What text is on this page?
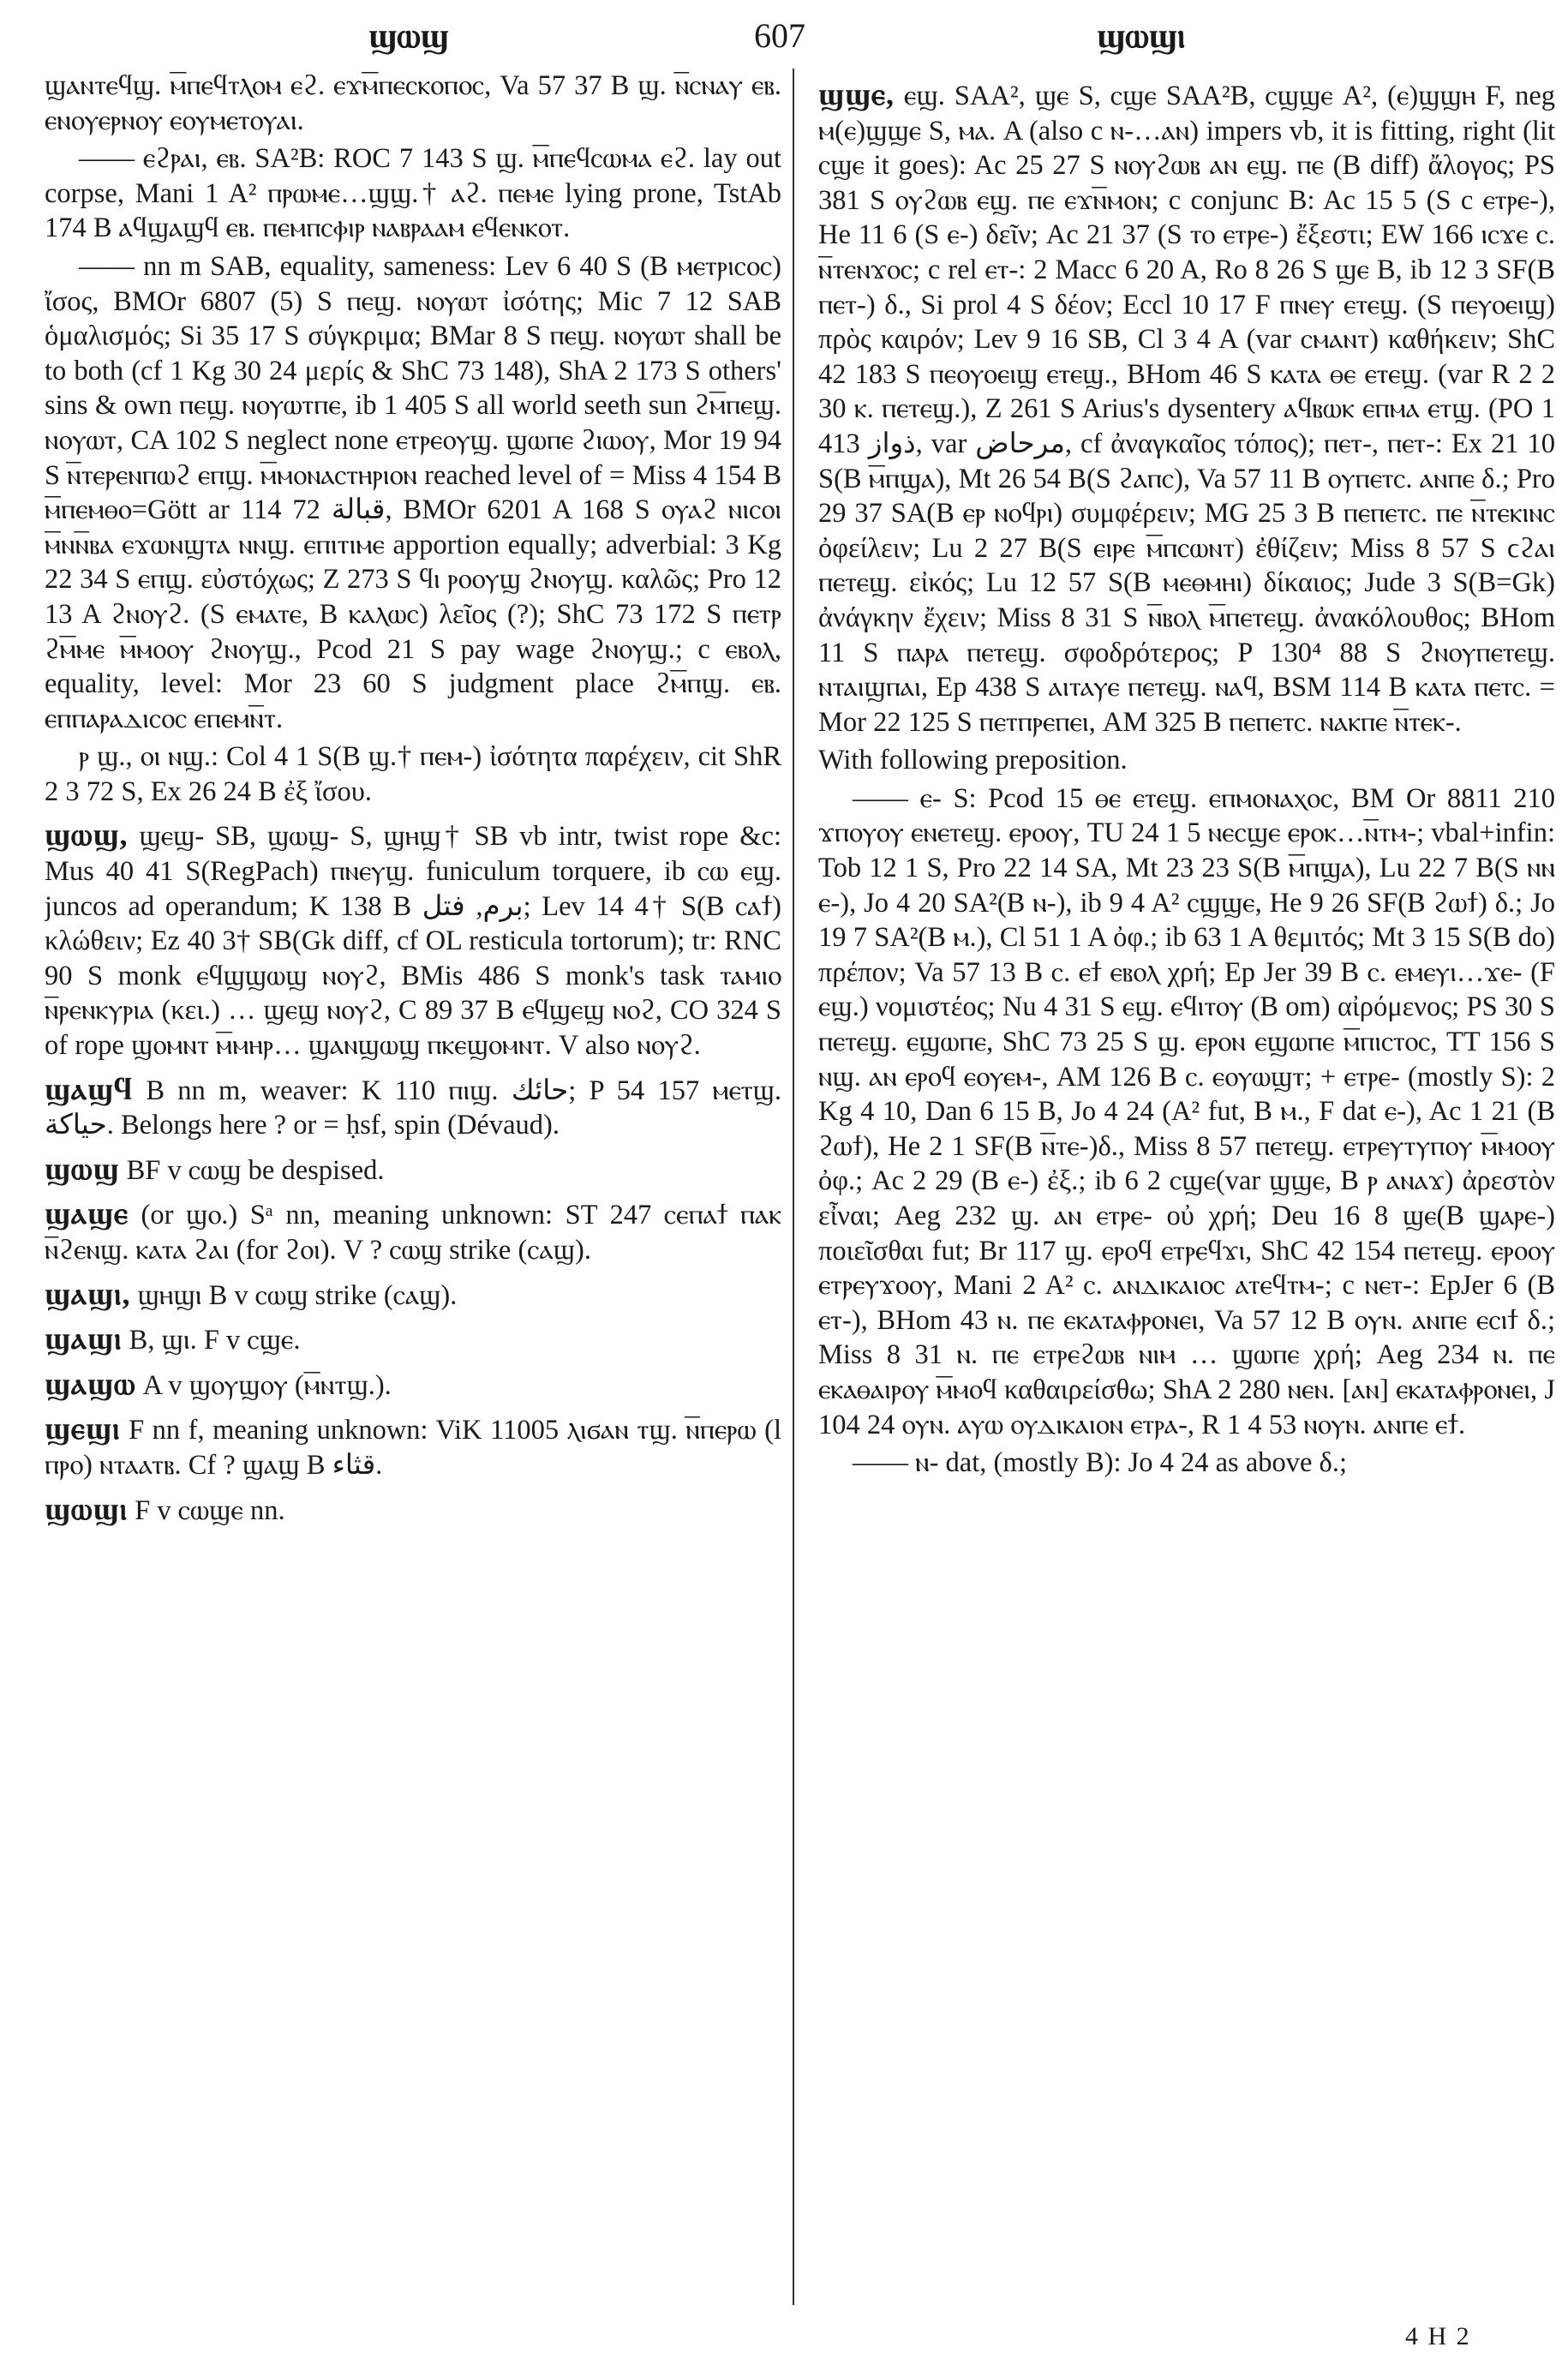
ϣⲱϣ	607	ϣⲱϣⲓ
ϣⲁⲛⲧⲉϥϣ. ⲙ̅ⲡⲉϥⲧⲗⲟⲙ ⲉϩ. ⲉϫⲙ̅ⲡⲉⲥⲕⲟⲡⲟⲥ, Va 57 37 B ϣ. ⲛ̅ⲥⲛⲁⲩ ⲉⲃ. ⲉⲛⲟⲩⲉⲣⲛⲟⲩ ⲉⲟⲩⲙⲉⲧⲟⲩⲁⲓ.
—— ⲉϩⲣⲁⲓ, ⲉⲃ. SA²B: ROC 7 143 S ϣ. ⲙ̅ⲡⲉϥⲥⲱⲙⲁ ⲉϩ. lay out corpse, Mani 1 A² ⲡⲣⲱⲙⲉ…ϣϣ.† ⲁϩ. ⲡⲉⲙⲉ lying prone, TstAb 174 B ⲁϥϣⲁϣϥ ⲉⲃ. ⲡⲉⲙⲡⲥⲫⲓⲣ ⲛⲁⲃⲣⲁⲁⲙ ⲉϥⲉⲛⲕⲟⲧ.
—— nn m SAB, equality, sameness: Lev 6 40 S (B ⲙⲉⲧⲣⲓⲥⲟⲥ) ἴσος, BMOr 6807 (5) S ⲡⲉϣ. ⲛⲟⲩⲱⲧ ἰσότης; Mic 7 12 SAB ὁμαλισμός; Si 35 17 S σύγκριμα; BMar 8 S ⲡⲉϣ. ⲛⲟⲩⲱⲧ shall be to both (cf 1 Kg 30 24 μερίς & ShC 73 148), ShA 2 173 S others' sins & own ⲡⲉϣ. ⲛⲟⲩⲱⲧⲡⲉ, ib 1 405 S all world seeth sun ϩⲙ̅ⲡⲉϣ. ⲛⲟⲩⲱⲧ, CA 102 S neglect none ⲉⲧⲣⲉⲟⲩϣ. ϣⲱⲡⲉ ϩⲓⲱⲟⲩ, Mor 19 94 S ⲛ̅ⲧⲉⲣⲉⲛⲡⲱϩ ⲉⲡϣ. ⲙ̅ⲙⲟⲛⲁⲥⲧⲏⲣⲓⲟⲛ reached level of = Miss 4 154 B ⲙ̅ⲡⲉⲙⲑⲟ=Gött ar 114 72 قبالة, BMOr 6201 A 168 S ⲟⲩⲁϩ ⲛⲓⲥⲟⲓ ⲙ̅ⲛⲛ̅ⲃⲁ ⲉϫⲱⲛϣⲧⲁ ⲛⲛϣ. ⲉⲡⲓⲧⲓⲙⲉ apportion equally; adverbial: 3 Kg 22 34 S ⲉⲡϣ. εὐστόχως; Z 273 S ϥⲓ ⲣⲟⲟⲩϣ ϩⲛⲟⲩϣ. καλῶς; Pro 12 13 A ϩⲛⲟⲩϩ. (S ⲉⲙⲁⲧⲉ, B ⲕⲁⲗⲱⲥ) λεῖος (?); ShC 73 172 S ⲡⲉⲧⲣ ϩⲙ̅ⲙⲉ ⲙ̅ⲙⲟⲟⲩ ϩⲛⲟⲩϣ., Pcod 21 S pay wage ϩⲛⲟⲩϣ.; c ⲉⲃⲟⲗ, equality, level: Mor 23 60 S judgment place ϩⲙ̅ⲡϣ. ⲉⲃ. ⲉⲡⲡⲁⲣⲁⲇⲓⲥⲟⲥ ⲉⲡⲉⲙⲛ̅ⲧ.
ⲣ ϣ., ⲟⲓ ⲛϣ.: Col 4 1 S(B ϣ.† ⲡⲉⲙ-) ἰσότητα παρέχειν, cit ShR 2 3 72 S, Ex 26 24 B ἐξ ἴσου.
ϣⲱϣ, ϣⲉϣ- SB, ϣⲱϣ- S, ϣⲏϣ† SB vb intr, twist rope &c: Mus 40 41 S(RegPach) ⲡⲛⲉⲩϣ. funiculum torquere, ib ⲥⲱ ⲉϣ. juncos ad operandum; K 138 B برم, فتل; Lev 14 4† S(B ⲥⲁϯ) κλώθειν; Ez 40 3† SB(Gk diff, cf OL resticula tortorum); tr: RNC 90 S monk ⲉϥϣϣⲱϣ ⲛⲟⲩϩ, BMis 486 S monk's task ⲧⲁⲙⲓⲟ ⲛ̅ⲣⲉⲛⲕⲩⲣⲓⲁ (κει.) … ϣⲉϣ ⲛⲟⲩϩ, C 89 37 B ⲉϥϣⲉϣ ⲛⲟϩ, CO 324 S of rope ϣⲟⲙⲛⲧ ⲙ̅ⲙⲏⲣ… ϣⲁⲛϣⲱϣ ⲡⲕⲉϣⲟⲙⲛⲧ. V also ⲛⲟⲩϩ.
ϣⲁϣϥ B nn m, weaver: K 110 ⲡⲓϣ. حائك; P 54 157 ⲙⲉⲧϣ. حياكة. Belongs here ? or = ḥsf, spin (Dévaud).
ϣⲱϣ BF v ⲥⲱϣ be despised.
ϣⲁϣⲉ (or ϣⲟ.) Sᵃ nn, meaning unknown: ST 247 ⲥⲉⲡⲁϯ ⲡⲁⲕ ⲛ̅ϩⲉⲛϣ. ⲕⲁⲧⲁ ϩⲁⲓ (for ϩⲟⲓ). V ? ⲥⲱϣ strike (ⲥⲁϣ).
ϣⲁϣⲓ, ϣⲏϣⲓ B v ⲥⲱϣ strike (ⲥⲁϣ).
ϣⲁϣⲓ B, ϣⲓ. F v ⲥϣⲉ.
ϣⲁϣⲱ A v ϣⲟⲩϣⲟⲩ (ⲙ̅ⲛⲧϣ.).
ϣⲉϣⲓ F nn f, meaning unknown: ViK 11005 ⲗⲓϭⲁⲛ ⲧϣ. ⲛ̅ⲡⲉⲣⲱ (l ⲡⲣⲟ) ⲛⲧⲁⲁⲧⲃ. Cf ? ϣⲁϣ B قثاء.
ϣⲱϣⲓ F v ⲥⲱϣⲉ nn.
ϣϣⲉ, ⲉϣ. SAA², ϣⲉ S, ⲥϣⲉ SAA²B, ⲥϣϣⲉ A², (ⲉ)ϣϣⲏ F, neg ⲙ(ⲉ)ϣϣⲉ S, ⲙⲁ. A (also c ⲛ-…ⲁⲛ) impers vb, it is fitting, right (lit ⲥϣⲉ it goes): Ac 25 27 S ⲛⲟⲩϩⲱⲃ ⲁⲛ ⲉϣ. ⲡⲉ (B diff) ἄλογος; PS 381 S ⲟⲩϩⲱⲃ ⲉϣ. ⲡⲉ ⲉϫⲛ̅ⲙⲟⲛ; c conjunc B: Ac 15 5 (S c ⲉⲧⲣⲉ-), He 11 6 (S ⲉ-) δεῖν; Ac 21 37 (S ⲧⲟ ⲉⲧⲣⲉ-) ἔξεστι; EW 166 ⲓⲥϫⲉ ⲥ. ⲛ̅ⲧⲉⲛϫⲟⲥ; c rel ⲉⲧ-: 2 Macc 6 20 A, Ro 8 26 S ϣⲉ B, ib 12 3 SF(B ⲡⲉⲧ-) δ., Si prol 4 S δέον; Eccl 10 17 F ⲡⲛⲉⲩ ⲉⲧⲉϣ. (S ⲡⲉⲩⲟⲉⲓϣ) πρὸς καιρόν; Lev 9 16 SB, Cl 3 4 A (var ⲥⲙⲁⲛⲧ) καθήκειν; ShC 42 183 S ⲡⲉⲟⲩⲟⲉⲓϣ ⲉⲧⲉϣ., BHom 46 S ⲕⲁⲧⲁ ⲑⲉ ⲉⲧⲉϣ. (var R 2 2 30 ⲕ. ⲡⲉⲧⲉϣ.), Z 261 S Arius's dysentery ⲁϥⲃⲱⲕ ⲉⲡⲙⲁ ⲉⲧϣ. (PO 1 413 ذواز, var مرحاض, cf ἀναγκαῖος τόπος); ⲡⲉⲧ-, ⲡⲉⲧ-: Ex 21 10 S(B ⲙ̅ⲡϣⲁ), Mt 26 54 B(S ϩⲁⲡⲥ), Va 57 11 B ⲟⲩⲡⲉⲧⲥ. ⲁⲛⲡⲉ δ.; Pro 29 37 SA(B ⲉⲣ ⲛⲟϥⲣⲓ) συμφέρειν; MG 25 3 B ⲡⲉⲡⲉⲧⲥ. ⲡⲉ ⲛ̅ⲧⲉⲕⲓⲛⲥ ὀφείλειν; Lu 2 27 B(S ⲉⲓⲣⲉ ⲙ̅ⲡⲥⲱⲛⲧ) ἐθίζειν; Miss 8 57 S ϲϩⲁⲓ ⲡⲉⲧⲉϣ. εἰκός; Lu 12 57 S(B ⲙⲉⲑⲙⲏⲓ) δίκαιος; Jude 3 S(B=Gk) ἀνάγκην ἔχειν; Miss 8 31 S ⲛ̅ⲃⲟⲗ ⲙ̅ⲡⲉⲧⲉϣ. ἀνακόλουθος; BHom 11 S ⲡⲁⲣⲁ ⲡⲉⲧⲉϣ. σφοδρότερος; P 130⁴ 88 S ϩⲛⲟⲩⲡⲉⲧⲉϣ. ⲛⲧⲁⲓϣⲡⲁⲓ, Ep 438 S ⲁⲓⲧⲁⲩⲉ ⲡⲉⲧⲉϣ. ⲛⲁϥ, BSM 114 B ⲕⲁⲧⲁ ⲡⲉⲧⲥ. = Mor 22 125 S ⲡⲉⲧⲡⲣⲉⲡⲉⲓ, AM 325 B ⲡⲉⲡⲉⲧⲥ. ⲛⲁⲕⲡⲉ ⲛ̅ⲧⲉⲕ-.
With following preposition.
—— ⲉ- S: Pcod 15 ⲑⲉ ⲉⲧⲉϣ. ⲉⲡⲙⲟⲛⲁⲭⲟⲥ, BM Or 8811 210 ϫⲡⲟⲩⲟⲩ ⲉⲛⲉⲧⲉϣ. ⲉⲣⲟⲟⲩ, TU 24 1 5 ⲛⲉⲥϣⲉ ⲉⲣⲟⲕ…ⲛ̅ⲧⲙ-; vbal+infin: Tob 12 1 S, Pro 22 14 SA, Mt 23 23 S(B ⲙ̅ⲡϣⲁ), Lu 22 7 B(S ⲛⲛ ⲉ-), Jo 4 20 SA²(B ⲛ-), ib 9 4 A² ⲥϣϣⲉ, He 9 26 SF(B ϩⲱϯ) δ.; Jo 19 7 SA²(B ⲙ.), Cl 51 1 A ὀφ.; ib 63 1 A θεμιτός; Mt 3 15 S(B do) πρέπον; Va 57 13 B ⲥ. ⲉϯ ⲉⲃⲟⲗ χρή; Ep Jer 39 B ⲥ. ⲉⲙⲉⲩⲓ…ϫⲉ- (F ⲉϣ.) νομιστέος; Nu 4 31 S ⲉϣ. ⲉϥⲓⲧⲟⲩ (B om) αἰρόμενος; PS 30 S ⲡⲉⲧⲉϣ. ⲉϣⲱⲡⲉ, ShC 73 25 S ϣ. ⲉⲣⲟⲛ ⲉϣⲱⲡⲉ ⲙ̅ⲡⲓⲥⲧⲟⲥ, TT 156 S ⲛϣ. ⲁⲛ ⲉⲣⲟϥ ⲉⲟⲩⲉⲙ-, AM 126 B ⲥ. ⲉⲟⲩⲱϣⲧ; + ⲉⲧⲣⲉ- (mostly S): 2 Kg 4 10, Dan 6 15 B, Jo 4 24 (A² fut, B ⲙ., F dat ⲉ-), Ac 1 21 (B ϩⲱϯ), He 2 1 SF(B ⲛ̅ⲧⲉ-)δ., Miss 8 57 ⲡⲉⲧⲉϣ. ⲉⲧⲣⲉⲩⲧⲩⲡⲟⲩ ⲙ̅ⲙⲟⲟⲩ ὀφ.; Ac 2 29 (B ⲉ-) ἐξ.; ib 6 2 ⲥϣⲉ(var ϣϣⲉ, B ⲣ ⲁⲛⲁϫ) ἀρεστὸν εἶναι; Aeg 232 ϣ. ⲁⲛ ⲉⲧⲣⲉ- οὐ χρή; Deu 16 8 ϣⲉ(B ϣⲁⲣⲉ-) ποιεῖσθαι fut; Br 117 ϣ. ⲉⲣⲟϥ ⲉⲧⲣⲉϥϫⲓ, ShC 42 154 ⲡⲉⲧⲉϣ. ⲉⲣⲟⲟⲩ ⲉⲧⲣⲉⲩϫⲟⲟⲩ, Mani 2 A² ⲥ. ⲁⲛⲇⲓⲕⲁⲓⲟⲥ ⲁⲧⲉϥⲧⲙ-; c ⲛⲉⲧ-: EpJer 6 (B ⲉⲧ-), BHom 43 ⲛ. ⲡⲉ ⲉⲕⲁⲧⲁⲫⲣⲟⲛⲉⲓ, Va 57 12 B ⲟⲩⲛ. ⲁⲛⲡⲉ ⲉⲥⲓϯ δ.; Miss 8 31 ⲛ. ⲡⲉ ⲉⲧⲣⲉϩⲱⲃ ⲛⲓⲙ … ϣⲱⲡⲉ χρή; Aeg 234 ⲛ. ⲡⲉ ⲉⲕⲁⲑⲁⲓⲣⲟⲩ ⲙ̅ⲙⲟϥ καθαιρείσθω; ShA 2 280 ⲛⲉⲛ. [ⲁⲛ] ⲉⲕⲁⲧⲁⲫⲣⲟⲛⲉⲓ, J 104 24 ⲟⲩⲛ. ⲁⲩⲱ ⲟⲩⲇⲓⲕⲁⲓⲟⲛ ⲉⲧⲣⲁ-, R 1 4 53 ⲛⲟⲩⲛ. ⲁⲛⲡⲉ ⲉϯ.
—— ⲛ- dat, (mostly B): Jo 4 24 as above δ.;
4 H 2
